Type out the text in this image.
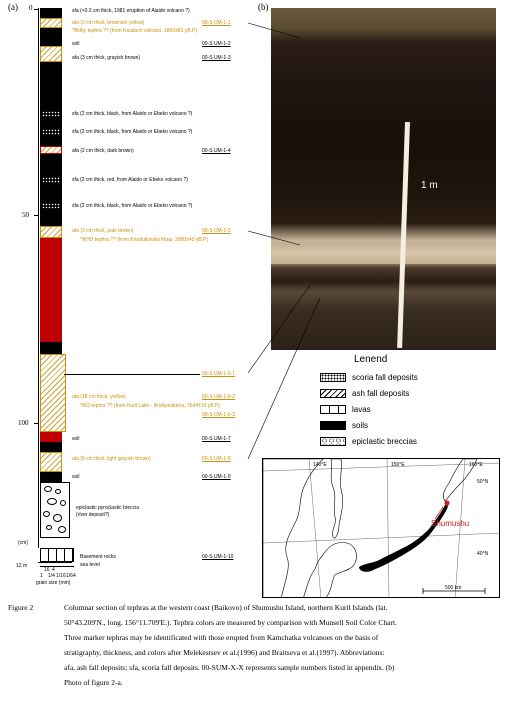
(a) 0
50
100
(cm)
12 m
16 4
1 1/4 1/16 1/64
grain size (mm)
sfa (<0.2 cm thick, 1981 eruption of Alaido volcano ?)
afa (2 cm thick, brownish yellow)	00-S UM-1-1
?Bdhy tephra ?? (from Ksudach volcano, 1800±81 yB.P)
soil	00-S UM-1-2
afa (3 cm thick, grayish brown)	00-S UM-1-3
sfa (2 cm thick, black, from Alaido or Ebeko volcano ?)
sfa (2 cm thick, black, from Alaido or Ebeko volcano ?)
afa (2 cm thick, dark brown)	00-S UM-1-4
sfa (2 cm thick, red, from Alaido or Ebeko volcano ?)
sfa (2 cm thick, black, from Alaido or Ebeko volcano ?)
afa (3 cm thick, pale brown)	00-S UM-1-5
?KHD tephra ?? (from Khodutkinskii Maar, 2800±40 yB.P)
00-S UM-1-6-1
afa (18 cm thick, yellow)	00-S UM-1-6-2
?KO tephra ?? (from Kuril Lake - Ilinskyealdera, 7644±19 yB.P)
00-S UM-1-6-3
soil	00-S UM-1-7
afa (5 cm thick, light grayish brown)	00-S UM-1-8
soil	00-S UM-1-9
epiclastic pyroclastic breccia
(river deposit?)
Basement rocks	00-S UM-1-10
sea level
(b)
1 m
Lenend
scoria fall deposits
ash fall deposits
lavas
soils
epiclastic breccias
140°E	150°E	160°E
50°N
40°N
Shumushu
500 km
Figure 2	Columnar section of tephras at the western coast (Baikovo) of Shumushu Island, northern Kuril Islands (lat.
50°43.209'N., long. 156°11.709'E.). Tephra colors are measured by comparison with Munsell Soil Color Chart.
Three marker tephras may be identificated with those erupted from Kamchatka volcanoes on the basis of
stratigraphy, thickness, and colors after Melekestsev et al.(1996) and Braitseva et al.(1997). Abbreviations:
afa, ash fall deposits; sfa, scoria fall deposits. 00-SUM-X-X represents sample numbers listed in appendix. (b)
Photo of figure 2-a.
